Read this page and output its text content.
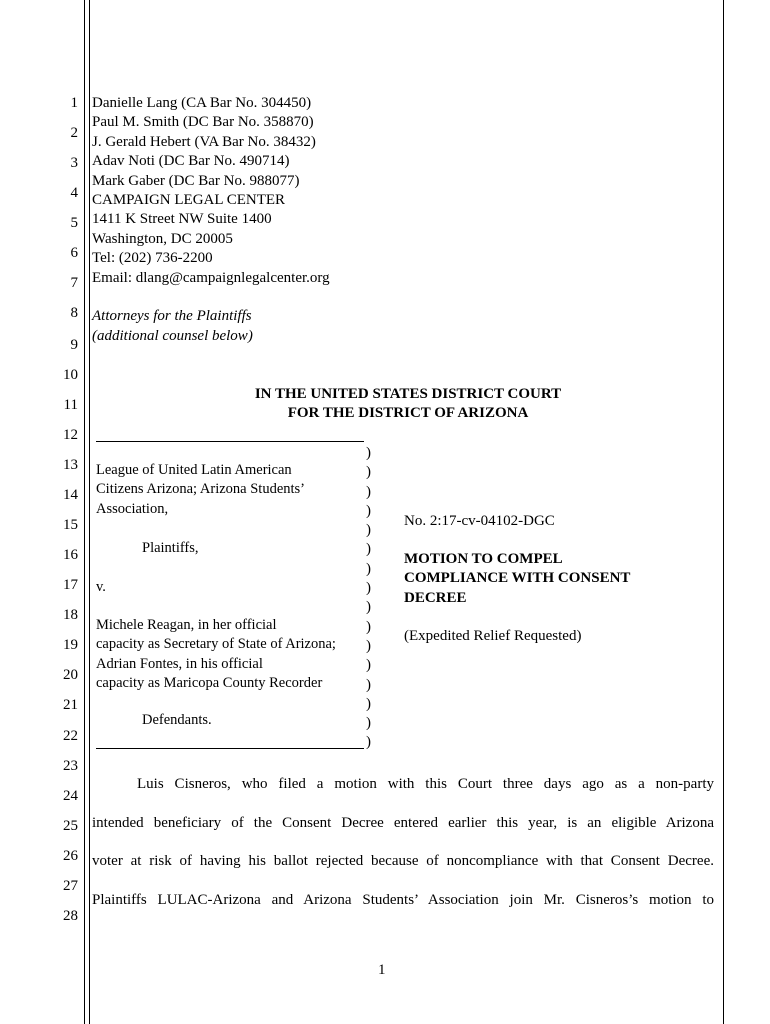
1
2
3
4
5
6
7
8
9
10
11
12
13
14
15
16
17
18
19
20
21
22
23
24
25
26
27
28
Danielle Lang (CA Bar No. 304450)
Paul M. Smith (DC Bar No. 358870)
J. Gerald Hebert (VA Bar No. 38432)
Adav Noti (DC Bar No. 490714)
Mark Gaber (DC Bar No. 988077)
CAMPAIGN LEGAL CENTER
1411 K Street NW Suite 1400
Washington, DC 20005
Tel: (202) 736-2200
Email: dlang@campaignlegalcenter.org
Attorneys for the Plaintiffs
(additional counsel below)
IN THE UNITED STATES DISTRICT COURT
FOR THE DISTRICT OF ARIZONA
League of United Latin American
Citizens Arizona; Arizona Students’
Association,
Plaintiffs,
v.
Michele Reagan, in her official
capacity as Secretary of State of Arizona;
Adrian Fontes, in his official
capacity as Maricopa County Recorder
Defendants.
)
)
)
)
)
)
)
)
)
)
)
)
)
)
)
)
No. 2:17-cv-04102-DGC
MOTION TO COMPEL
COMPLIANCE WITH CONSENT
DECREE
(Expedited Relief Requested)
Luis Cisneros, who filed a motion with this Court three days ago as a non-party
intended beneficiary of the Consent Decree entered earlier this year, is an eligible Arizona
voter at risk of having his ballot rejected because of noncompliance with that Consent Decree.
Plaintiffs LULAC-Arizona and Arizona Students’ Association join Mr. Cisneros’s motion to
1
